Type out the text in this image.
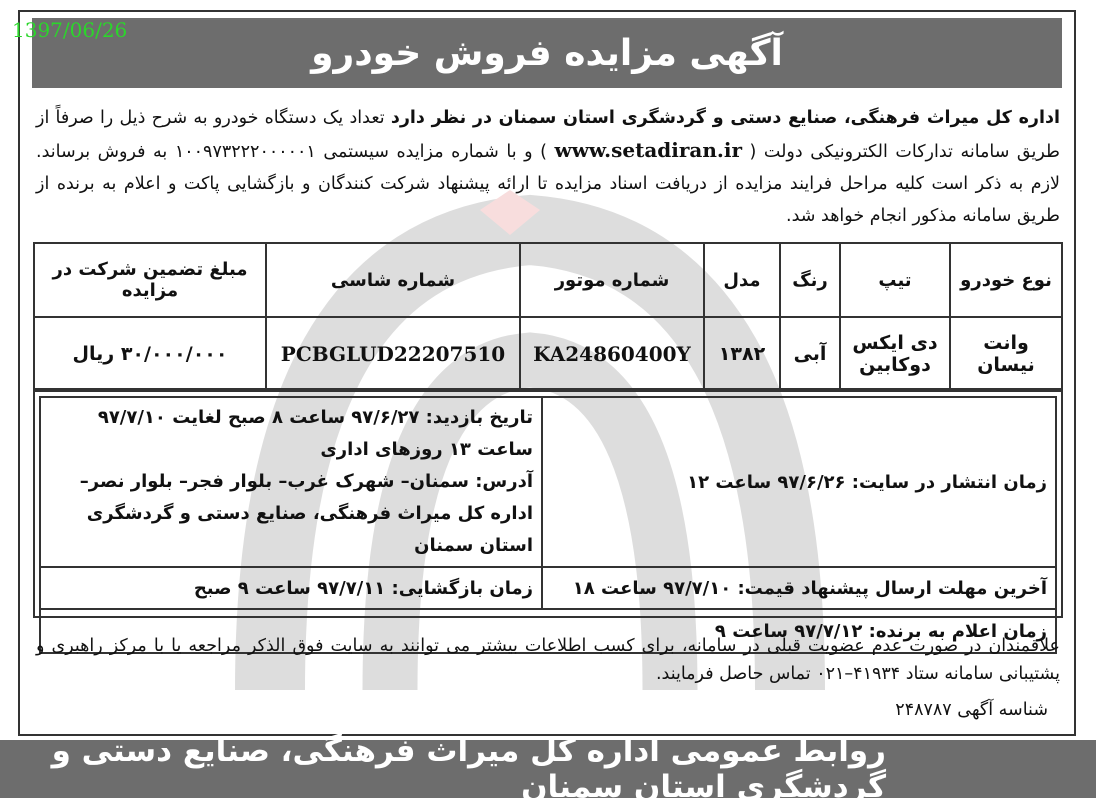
1397/06/26
آگهی مزایده فروش خودرو
اداره کل میراث فرهنگی، صنایع دستی و گردشگری استان سمنان در نظر دارد تعداد یک دستگاه خودرو به شرح ذیل را صرفاً از طریق سامانه تدارکات الکترونیکی دولت ( www.setadiran.ir ) و با شماره مزایده سیستمی ۱۰۰۹۷۳۲۲۲۰۰۰۰۰۱ به فروش برساند. لازم به ذکر است کلیه مراحل فرایند مزایده از دریافت اسناد مزایده تا ارائه پیشنهاد شرکت کنندگان و بازگشایی پاکت و اعلام به برنده از طریق سامانه مذکور انجام خواهد شد.
نوع خودرو	تیپ	رنگ	مدل	شماره موتور	شماره شاسی	مبلغ تضمین شرکت در مزایده
وانت نیسان	دی ایکس دوکابین	آبی	۱۳۸۲	KA24860400Y	PCBGLUD22207510	۳۰/۰۰۰/۰۰۰ ریال
زمان انتشار در سایت: ۹۷/۶/۲۶ ساعت ۱۲	تاریخ بازدید: ۹۷/۶/۲۷ ساعت ۸ صبح لغایت ۹۷/۷/۱۰ ساعت ۱۳ روزهای اداری
آدرس: سمنان– شهرک غرب– بلوار فجر– بلوار نصر– اداره کل میراث فرهنگی، صنایع دستی و گردشگری استان سمنان

آخرین مهلت ارسال پیشنهاد قیمت: ۹۷/۷/۱۰ ساعت ۱۸	زمان بازگشایی: ۹۷/۷/۱۱ ساعت ۹ صبح
زمان اعلام به برنده: ۹۷/۷/۱۲ ساعت ۹	
علاقمندان در صورت عدم عضویت قبلی در سامانه، برای کسب اطلاعات بیشتر می توانند به سایت فوق الذکر مراجعه یا با مرکز راهبری و پشتیبانی سامانه ستاد ۴۱۹۳۴–۰۲۱ تماس حاصل فرمایند.
شناسه آگهی ۲۴۸۷۸۷
روابط عمومی اداره کل میراث فرهنگی، صنایع دستی و گردشگری استان سمنان
